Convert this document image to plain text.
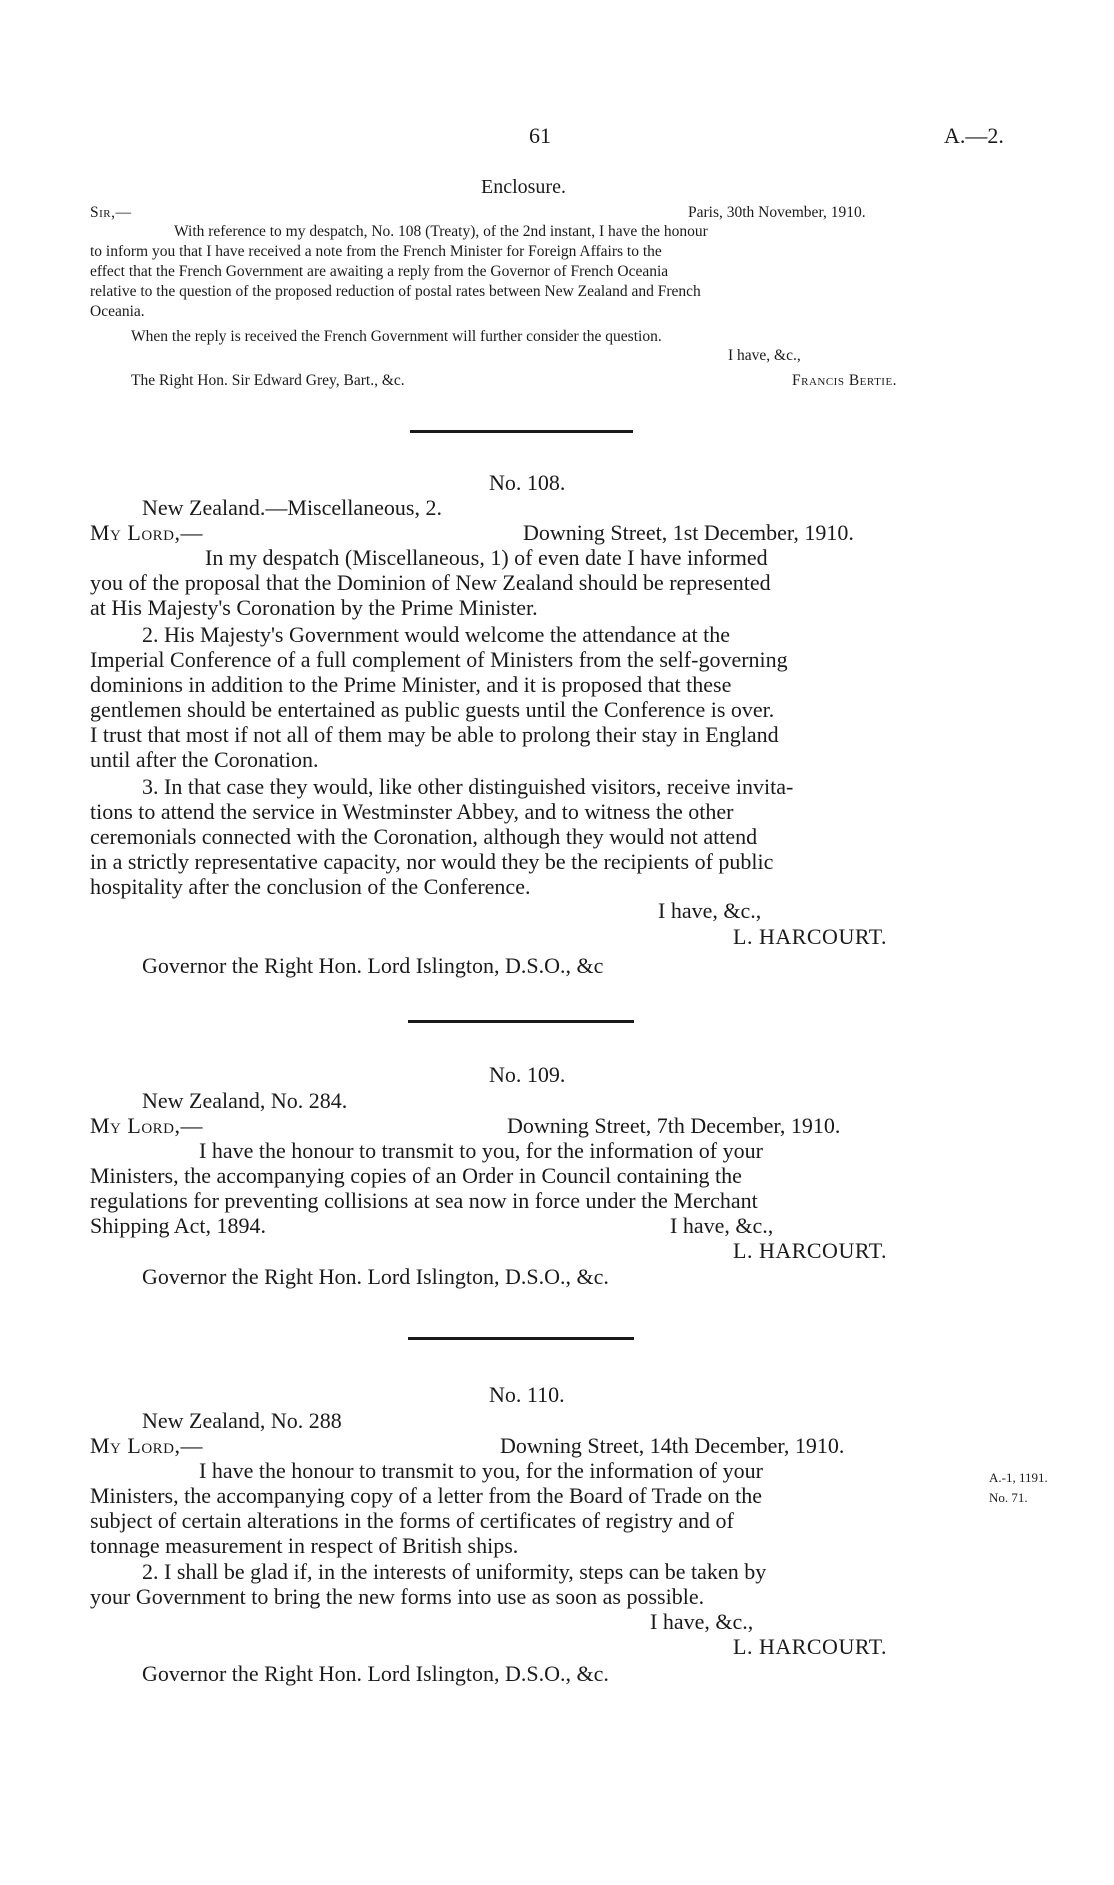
61	A.—2.
Enclosure.
Sir,—	Paris, 30th November, 1910.
With reference to my despatch, No. 108 (Treaty), of the 2nd instant, I have the honour
to inform you that I have received a note from the French Minister for Foreign Affairs to the
effect that the French Government are awaiting a reply from the Governor of French Oceania
relative to the question of the proposed reduction of postal rates between New Zealand and French
Oceania.
When the reply is received the French Government will further consider the question.
I have, &c.,
The Right Hon. Sir Edward Grey, Bart., &c.	Francis Bertie.
No. 108.
New Zealand.—Miscellaneous, 2.
My Lord,—	Downing Street, 1st December, 1910.
In my despatch (Miscellaneous, 1) of even date I have informed
you of the proposal that the Dominion of New Zealand should be represented
at His Majesty's Coronation by the Prime Minister.
2. His Majesty's Government would welcome the attendance at the
Imperial Conference of a full complement of Ministers from the self-governing
dominions in addition to the Prime Minister, and it is proposed that these
gentlemen should be entertained as public guests until the Conference is over.
I trust that most if not all of them may be able to prolong their stay in England
until after the Coronation.
3. In that case they would, like other distinguished visitors, receive invita-
tions to attend the service in Westminster Abbey, and to witness the other
ceremonials connected with the Coronation, although they would not attend
in a strictly representative capacity, nor would they be the recipients of public
hospitality after the conclusion of the Conference.
I have, &c.,
L. HARCOURT.
Governor the Right Hon. Lord Islington, D.S.O., &c
No. 109.
New Zealand, No. 284.
My Lord,—	Downing Street, 7th December, 1910.
I have the honour to transmit to you, for the information of your
Ministers, the accompanying copies of an Order in Council containing the
regulations for preventing collisions at sea now in force under the Merchant
Shipping Act, 1894.	I have, &c.,
L. HARCOURT.
Governor the Right Hon. Lord Islington, D.S.O., &c.
No. 110.
New Zealand, No. 288
My Lord,—	Downing Street, 14th December, 1910.
I have the honour to transmit to you, for the information of your
Ministers, the accompanying copy of a letter from the Board of Trade on the
subject of certain alterations in the forms of certificates of registry and of
tonnage measurement in respect of British ships.
2. I shall be glad if, in the interests of uniformity, steps can be taken by
your Government to bring the new forms into use as soon as possible.
I have, &c.,
L. HARCOURT.
Governor the Right Hon. Lord Islington, D.S.O., &c.
A.-1, 1191.
No. 71.
